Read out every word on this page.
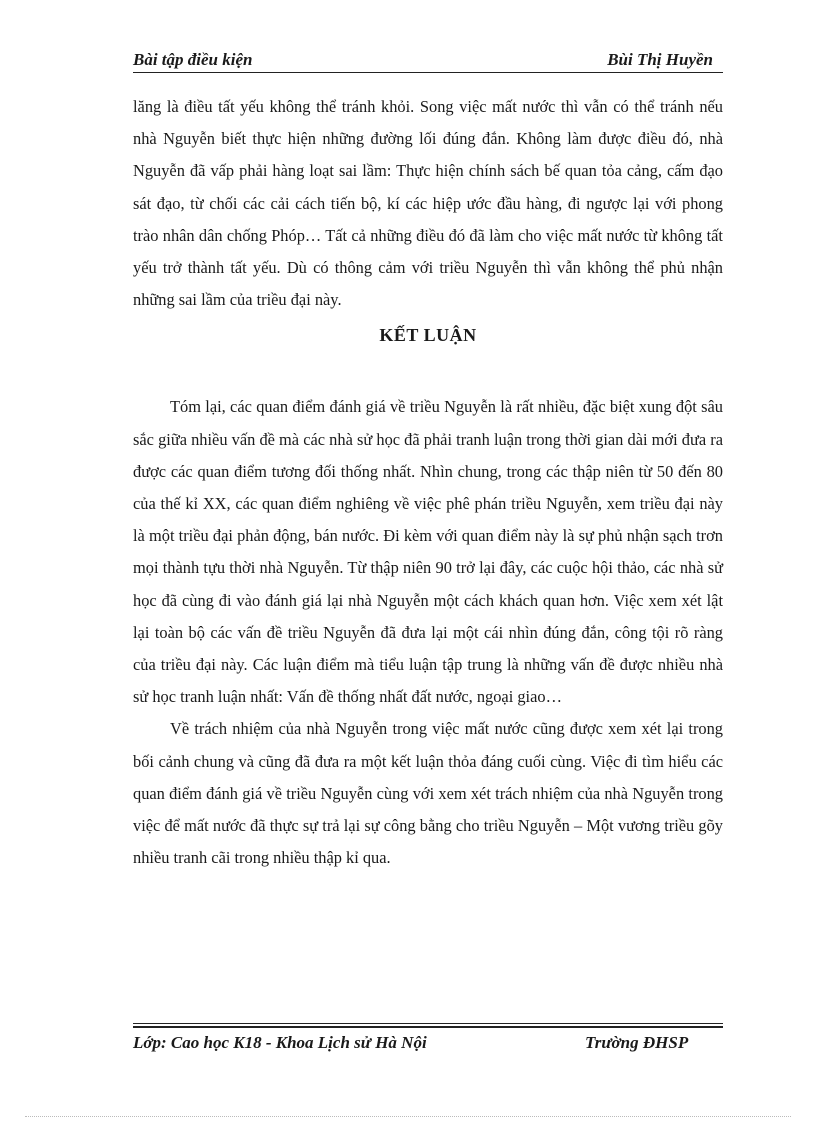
Bài tập điều kiện	Bùi Thị Huyền

lăng là điều tất yếu không thể tránh khỏi. Song việc mất nước thì vẫn có thể tránh nếu nhà Nguyễn biết thực hiện những đường lối đúng đắn. Không làm được điều đó, nhà Nguyễn đã vấp phải hàng loạt sai lầm: Thực hiện chính sách bế quan tỏa cảng, cấm đạo sát đạo, từ chối các cải cách tiến bộ, kí các hiệp ước đầu hàng, đi ngược lại với phong trào nhân dân chống Phóp… Tất cả những điều đó đã làm cho việc mất nước từ không tất yếu trở thành tất yếu. Dù có thông cảm với triều Nguyễn thì vẫn không thể phủ nhận những sai lầm của triều đại này.

KẾT LUẬN

Tóm lại, các quan điểm đánh giá về triều Nguyễn là rất nhiều, đặc biệt xung đột sâu sắc giữa nhiều vấn đề mà các nhà sử học đã phải tranh luận trong thời gian dài mới đưa ra được các quan điểm tương đối thống nhất. Nhìn chung, trong các thập niên từ 50 đến 80 của thế kỉ XX, các quan điểm nghiêng về việc phê phán triều Nguyễn, xem triều đại này là một triều đại phản động, bán nước. Đi kèm với quan điểm này là sự phủ nhận sạch trơn mọi thành tựu thời nhà Nguyễn. Từ thập niên 90 trở lại đây, các cuộc hội thảo, các nhà sử học đã cùng đi vào đánh giá lại nhà Nguyễn một cách khách quan hơn. Việc xem xét lật lại toàn bộ các vấn đề triều Nguyễn đã đưa lại một cái nhìn đúng đắn, công tội rõ ràng của triều đại này. Các luận điểm mà tiểu luận tập trung là những vấn đề được nhiều nhà sử học tranh luận nhất: Vấn đề thống nhất đất nước, ngoại giao…

Về trách nhiệm của nhà Nguyễn trong việc mất nước cũng được xem xét lại trong bối cảnh chung và cũng đã đưa ra một kết luận thỏa đáng cuối cùng. Việc đi tìm hiểu các quan điểm đánh giá về triều Nguyễn cùng với xem xét trách nhiệm của nhà Nguyễn trong việc để mất nước đã thực sự trả lại sự công bằng cho triều Nguyễn – Một vương triều gõy nhiều tranh cãi trong nhiều thập kỉ qua.

Lớp: Cao học K18 - Khoa Lịch sử Hà Nội	Trường ĐHSP
